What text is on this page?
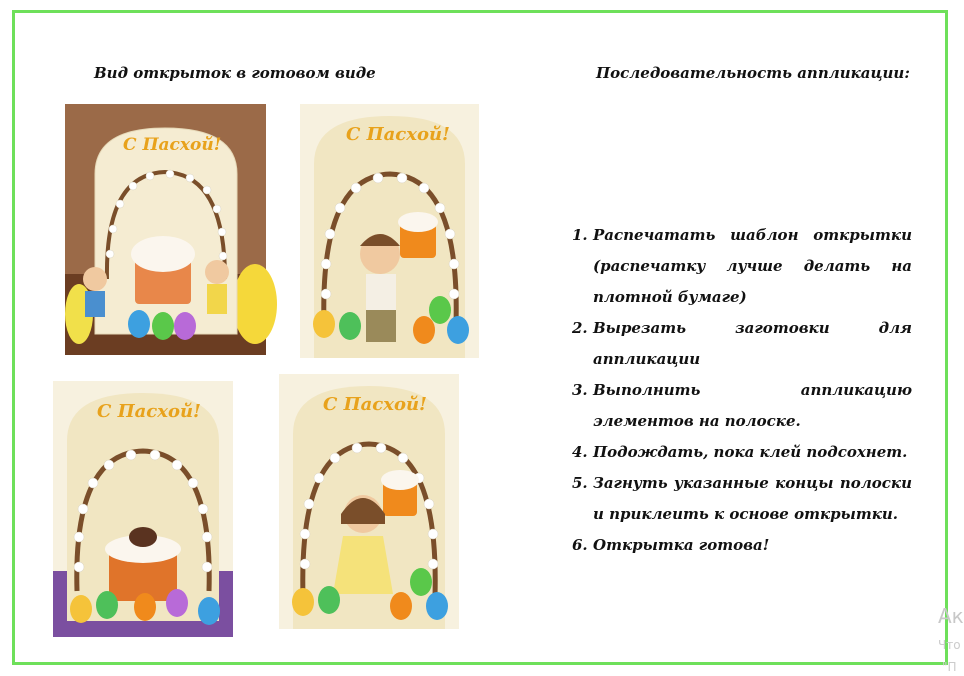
Вид открыток в готовом виде	Последовательность аппликации:
С Пасхой!	С Пасхой!
С Пасхой!	С Пасхой!
1. Распечатать шаблон открытки (распечатку лучше делать на плотной бумаге)
2. Вырезать заготовки для аппликации
3. Выполнить аппликацию элементов на полоске.
4. Подождать, пока клей подсохнет.
5. Загнуть указанные концы полоски и приклеить к основе открытки.
6. Открытка готова!
Ак
Что
"П
